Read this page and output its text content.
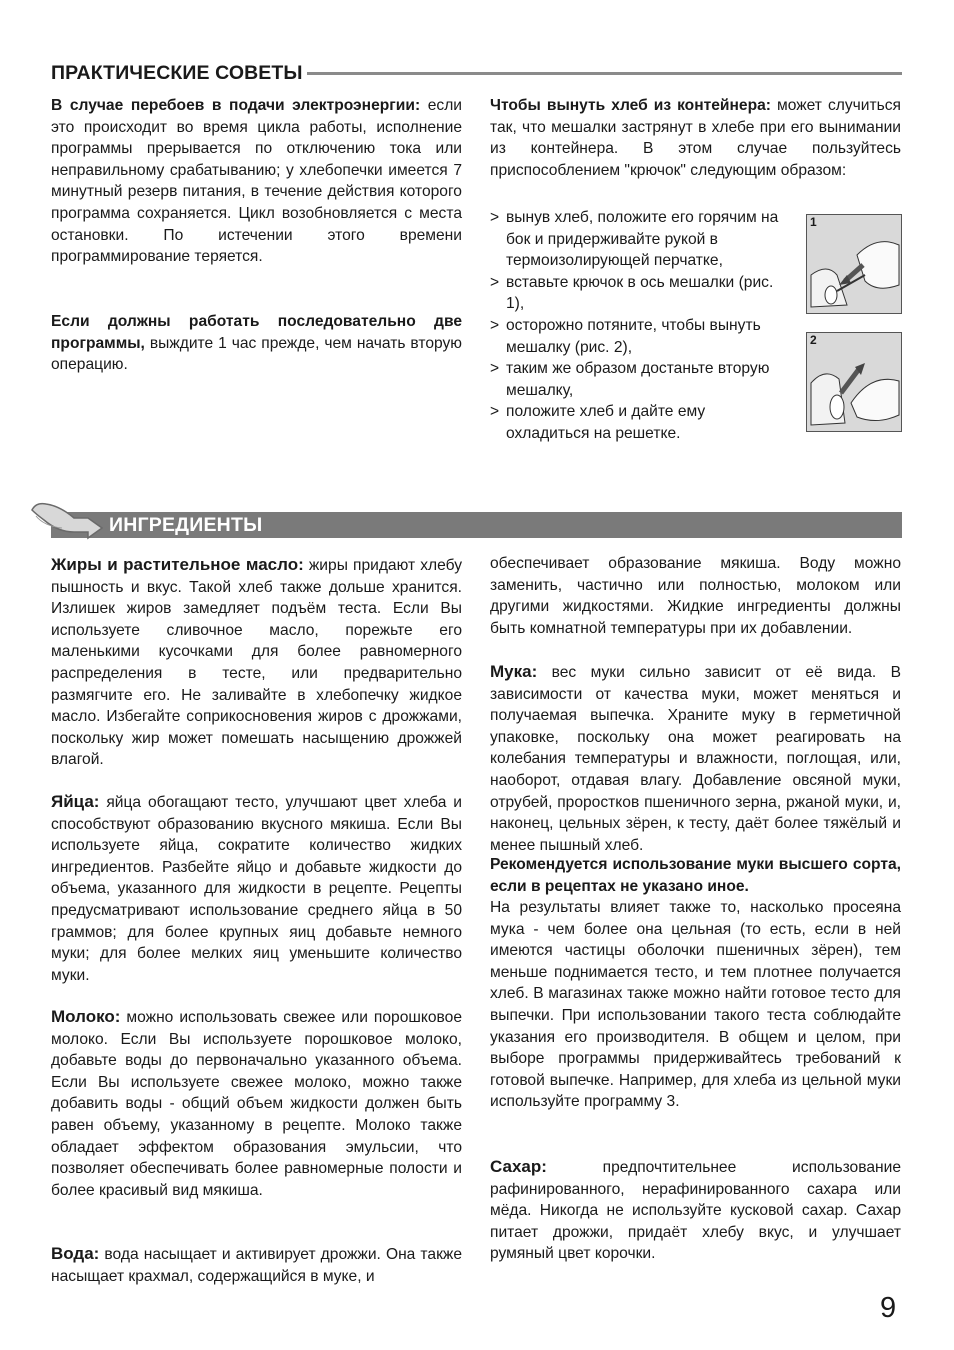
ПРАКТИЧЕСКИЕ СОВЕТЫ

В случае перебоев в подачи электроэнергии: если это происходит во время цикла работы, исполнение программы прерывается по отключению тока или неправильному срабатыванию; у хлебопечки имеется 7 минутный резерв питания, в течение действия которого программа сохраняется. Цикл возобновляется с места остановки. По истечении этого времени программирование теряется.

Если должны работать последовательно две программы, выждите 1 час прежде, чем начать вторую операцию.

Чтобы вынуть хлеб из контейнера: может случиться так, что мешалки застрянут в хлебе при его вынимании из контейнера. В этом случае пользуйтесь приспособлением "крючок" следующим образом:

> вынув хлеб, положите его горячим на бок и придерживайте рукой в термоизолирующей перчатке,
> вставьте крючок в ось мешалки (рис. 1),
> осторожно потяните, чтобы вынуть мешалку (рис. 2),
> таким же образом достаньте вторую мешалку,
> положите хлеб и дайте ему охладиться на решетке.
1
2
ИНГРЕДИЕНТЫ

Жиры и растительное масло: жиры придают хлебу пышность и вкус. Такой хлеб также дольше хранится. Излишек жиров замедляет подъём теста. Если Вы используете сливочное масло, порежьте его маленькими кусочками для более равномерного распределения в тесте, или предварительно размягчите его. Не заливайте в хлебопечку жидкое масло. Избегайте соприкосновения жиров с дрожжами, поскольку жир может помешать насыщению дрожжей влагой.

Яйца: яйца обогащают тесто, улучшают цвет хлеба и способствуют образованию вкусного мякиша. Если Вы используете яйца, сократите количество жидких ингредиентов. Разбейте яйцо и добавьте жидкости до объема, указанного для жидкости в рецепте. Рецепты предусматривают использование среднего яйца в 50 граммов; для более крупных яиц добавьте немного муки; для более мелких яиц уменьшите количество муки.

Молоко: можно использовать свежее или порошковое молоко. Если Вы используете порошковое молоко, добавьте воды до первоначально указанного объема. Если Вы используете свежее молоко, можно также добавить воды - общий объем жидкости должен быть равен объему, указанному в рецепте. Молоко также обладает эффектом образования эмульсии, что позволяет обеспечивать более равномерные полости и более красивый вид мякиша.

Вода: вода насыщает и активирует дрожжи. Она также насыщает крахмал, содержащийся в муке, и

обеспечивает образование мякиша. Воду можно заменить, частично или полностью, молоком или другими жидкостями. Жидкие ингредиенты должны быть комнатной температуры при их добавлении.

Мука: вес муки сильно зависит от её вида. В зависимости от качества муки, может меняться и получаемая выпечка. Храните муку в герметичной упаковке, поскольку она может реагировать на колебания температуры и влажности, поглощая, или, наоборот, отдавая влагу. Добавление овсяной муки, отрубей, проростков пшеничного зерна, ржаной муки, и, наконец, цельных зёрен, к тесту, даёт более тяжёлый и менее пышный хлеб.

Рекомендуется использование муки высшего сорта, если в рецептах не указано иное.

На результаты влияет также то, насколько просеяна мука - чем более она цельная (то есть, если в ней имеются частицы оболочки пшеничных зёрен), тем меньше поднимается тесто, и тем плотнее получается хлеб. В магазинах также можно найти готовое тесто для выпечки. При использовании такого теста соблюдайте указания его производителя. В общем и целом, при выборе программы придерживайтесь требований к готовой выпечке. Например, для хлеба из цельной муки используйте программу 3.

Сахар: предпочтительнее использование рафинированного, нерафинированного сахара или мёда. Никогда не используйте кусковой сахар. Сахар питает дрожжи, придаёт хлебу вкус, и улучшает румяный цвет корочки.

9
